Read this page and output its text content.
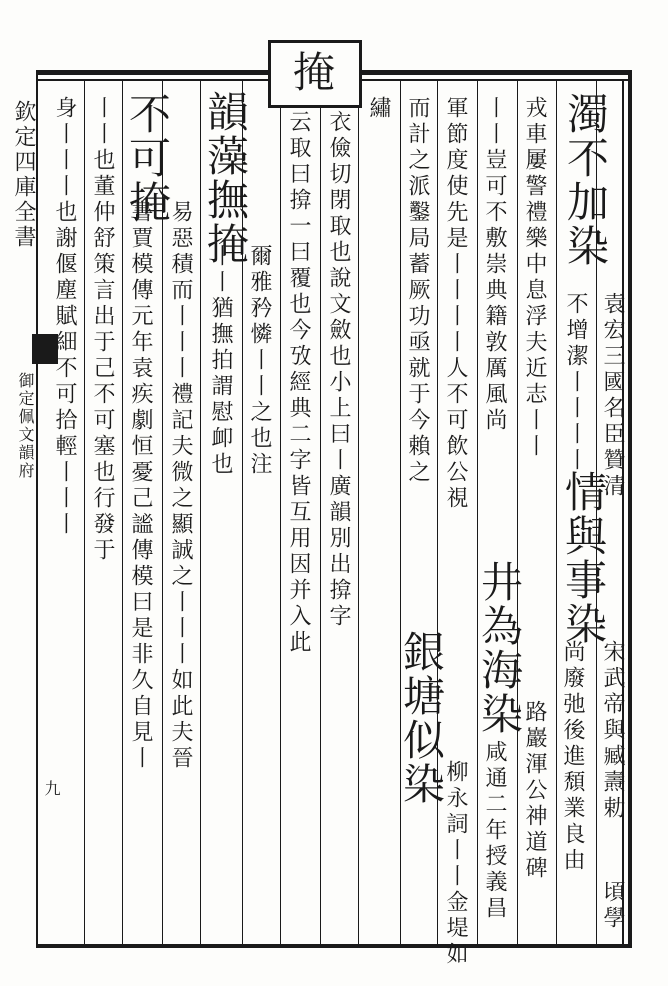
欽定四庫全書
御定佩文韻府
九
濁不加染
袁宏三國名臣贊清
不增潔丨丨丨丨
情與事染
宋武帝與臧燾勅
頃學
尚廢弛後進頹業良由
戎車屢警禮樂中息浮夫近志丨丨
丨丨豈可不敷崇典籍敦厲風尚
井為海染
路巖渾公神道碑
軍節度使先是丨丨丨丨人不可飲公視
咸通二年授義昌
而計之派鑿局蓄厥功亟就于今賴之
銀塘似染
柳永詞丨丨金堤如
繡
掩
衣儉切閉取也說文斂也小上曰丨廣韻別出揜字
云取曰揜一曰覆也今攷經典二字皆互用因并入此
韻藻撫掩
爾雅矜憐丨丨之也注
丨丨猶撫拍謂慰卹也
不可掩
易惡積而丨丨丨禮記夫微之顯誠之丨丨丨如此夫晉
書賈模傳元年袁疾劇恒憂己謐傳模曰是非久自見丨
丨丨也董仲舒策言出于己不可塞也行發于
身丨丨丨也謝偃塵賦細不可拾輕丨丨丨
